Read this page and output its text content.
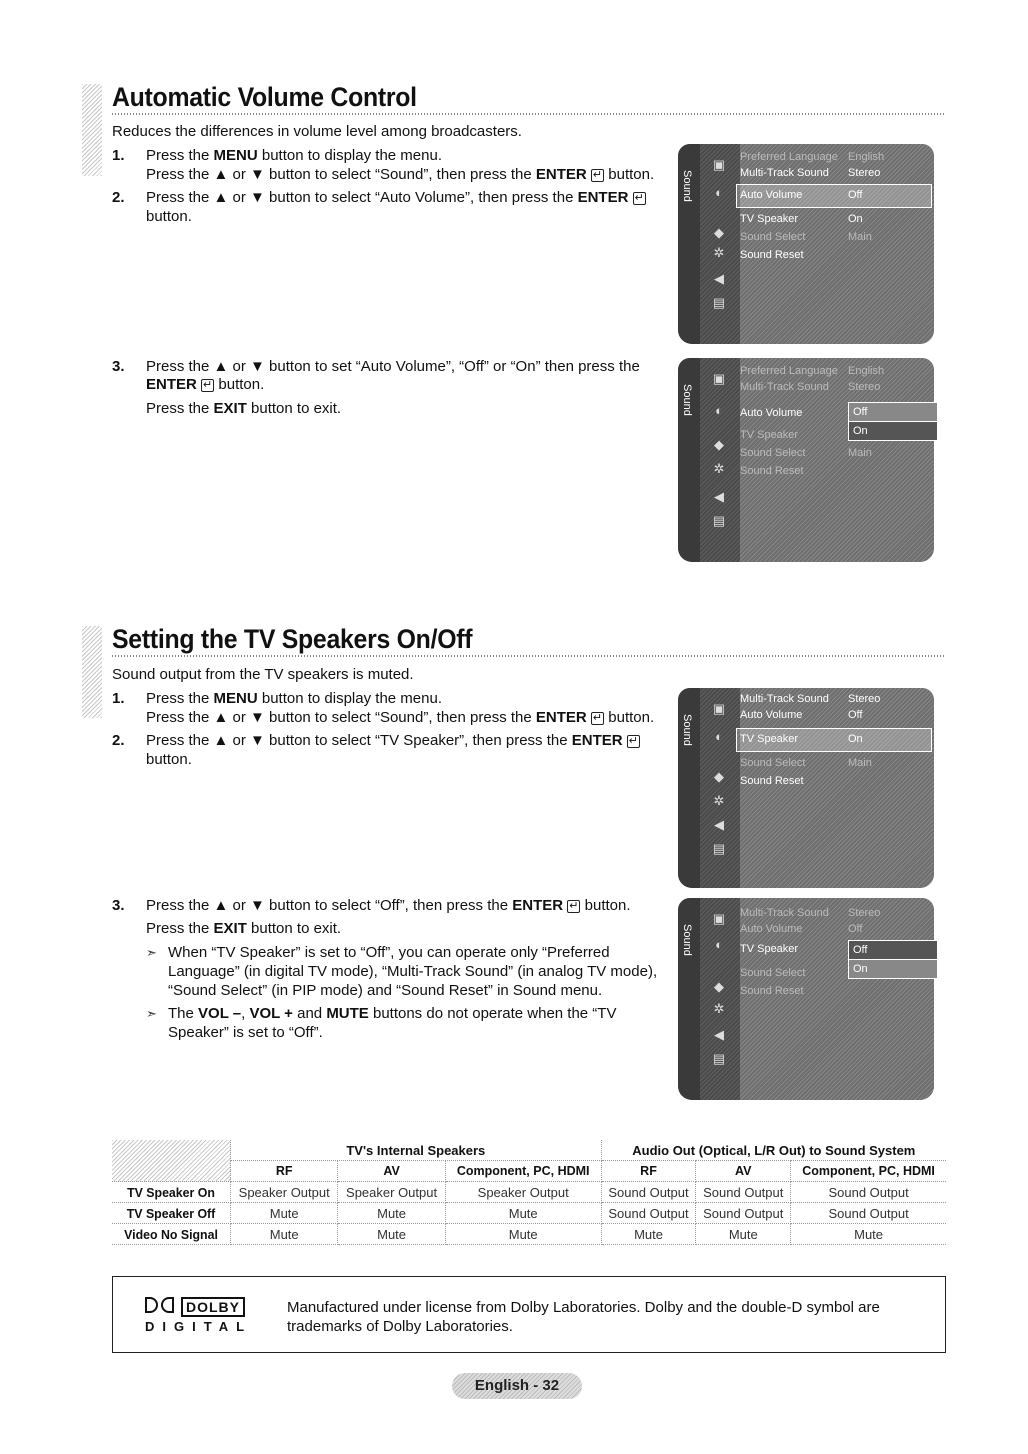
Automatic Volume Control
Reduces the differences in volume level among broadcasters.
1. Press the MENU button to display the menu.
Press the ▲ or ▼ button to select “Sound”, then press the ENTER ↵ button.
2. Press the ▲ or ▼ button to select “Auto Volume”, then press the ENTER ↵
button.
3. Press the ▲ or ▼ button to set “Auto Volume”, “Off” or “On” then press the
ENTER ↵ button.
Press the EXIT button to exit.
Sound
▣
◐
◆
✲
◀
▤
Preferred Language English
Multi-Track Sound Stereo
Auto Volume	Off
TV Speaker	On
Sound Select	Main
Sound Reset
Sound
▣
◐
◆
✲
◀
▤
Preferred Language English
Multi-Track Sound Stereo
Auto Volume
TV Speaker
Sound Select	Main
Sound Reset
Off
On
Setting the TV Speakers On/Off
Sound output from the TV speakers is muted.
1. Press the MENU button to display the menu.
Press the ▲ or ▼ button to select “Sound”, then press the ENTER ↵ button.
2. Press the ▲ or ▼ button to select “TV Speaker”, then press the ENTER ↵
button.
3. Press the ▲ or ▼ button to select “Off”, then press the ENTER ↵ button.
Press the EXIT button to exit.
➣ When “TV Speaker” is set to “Off”, you can operate only “Preferred
Language” (in digital TV mode), “Multi-Track Sound” (in analog TV mode),
“Sound Select” (in PIP mode) and “Sound Reset” in Sound menu.
➣ The VOL –, VOL + and MUTE buttons do not operate when the “TV
Speaker” is set to “Off”.
Sound
▣
◐
◆
✲
◀
▤
Multi-Track Sound Stereo
Auto Volume	Off
TV Speaker	On
Sound Select	Main
Sound Reset
Sound
▣
◐
◆
✲
◀
▤
Multi-Track Sound Stereo
Auto Volume	Off
TV Speaker
Sound Select
Sound Reset
Off
On
	TV's Internal Speakers			Audio Out (Optical, L/R Out) to Sound System		
	RF	AV	Component, PC, HDMI	RF	AV	Component, PC, HDMI
TV Speaker On	Speaker Output	Speaker Output	Speaker Output	Sound Output	Sound Output	Sound Output
TV Speaker Off	Mute	Mute	Mute	Sound Output	Sound Output	Sound Output
Video No Signal	Mute	Mute	Mute	Mute	Mute	Mute
DOLBY
DIGITAL
Manufactured under license from Dolby Laboratories. Dolby and the double-D symbol are
trademarks of Dolby Laboratories.
English - 32
